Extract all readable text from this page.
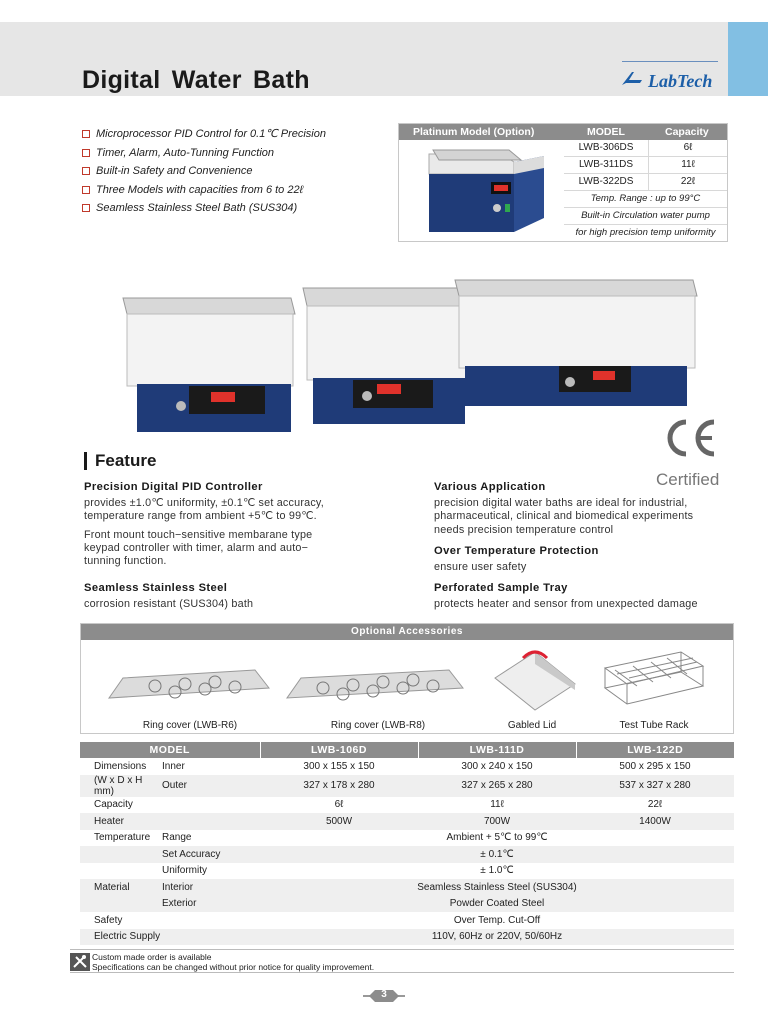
Digital Water Bath	LabTech
Microprocessor PID Control for 0.1℃ Precision
Timer, Alarm, Auto-Tunning Function
Built-in Safety and Convenience
Three Models with capacities from 6 to 22ℓ
Seamless Stainless Steel Bath (SUS304)
Platinum Model (Option)	MODEL	Capacity
LWB-306DS	6ℓ
LWB-311DS	11ℓ
LWB-322DS	22ℓ
Temp. Range : up to 99°C
Built-in Circulation water pump
for high precision temp uniformity
Certified
Feature
Precision Digital PID Controller
provides ±1.0℃ uniformity, ±0.1℃ set accuracy,
temperature range from ambient +5℃ to 99℃.
Front mount touch−sensitive membarane type
keypad controller with timer, alarm and auto−
tunning function.
Seamless Stainless Steel
corrosion resistant (SUS304) bath
Various Application
precision digital water baths are ideal for industrial,
pharmaceutical, clinical and biomedical experiments
needs precision temperature control
Over Temperature Protection
ensure user safety
Perforated Sample Tray
protects heater and sensor from unexpected damage
Optional Accessories
Ring cover (LWB-R6)	Ring cover (LWB-R8)	Gabled Lid	Test Tube Rack
MODEL		LWB-106D	LWB-111D	LWB-122D
Dimensions	Inner	300 x 155 x 150	300 x 240 x 150	500 x 295 x 150
(W x D x H mm)	Outer	327 x 178 x 280	327 x 265 x 280	537 x 327 x 280
Capacity		6ℓ	11ℓ	22ℓ
Heater		500W	700W	1400W
Temperature	Range	Ambient + 5℃ to 99℃		
	Set Accuracy	± 0.1℃		
	Uniformity	± 1.0℃		
Material	Interior	Seamless Stainless Steel (SUS304)		
	Exterior	Powder Coated Steel		
Safety		Over Temp. Cut-Off		
Electric Supply		110V, 60Hz or 220V, 50/60Hz		
Custom made order is available
Specifications can be changed without prior notice for quality improvement.
3
